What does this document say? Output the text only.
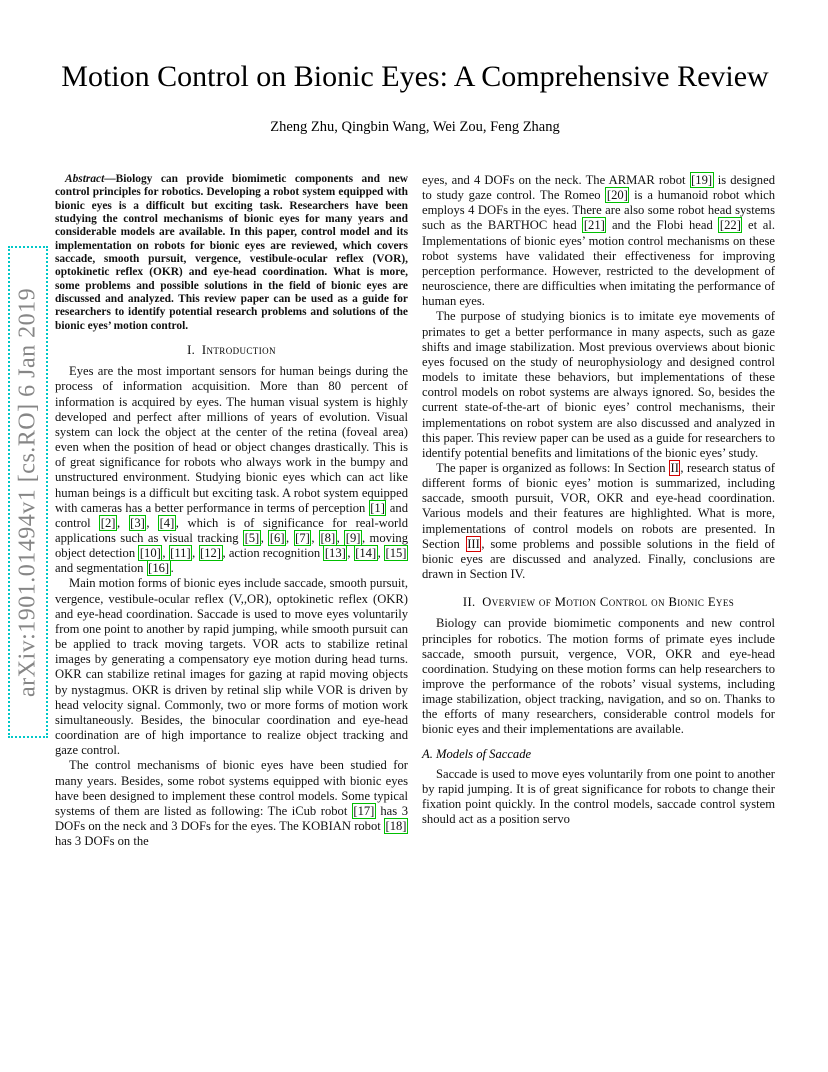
arXiv:1901.01494v1 [cs.RO] 6 Jan 2019
Motion Control on Bionic Eyes: A Comprehensive Review
Zheng Zhu, Qingbin Wang, Wei Zou, Feng Zhang

Abstract—Biology can provide biomimetic components and new control principles for robotics. Developing a robot system equipped with bionic eyes is a difficult but exciting task. Researchers have been studying the control mechanisms of bionic eyes for many years and considerable models are available. In this paper, control model and its implementation on robots for bionic eyes are reviewed, which covers saccade, smooth pursuit, vergence, vestibule-ocular reflex (VOR), optokinetic reflex (OKR) and eye-head coordination. What is more, some problems and possible solutions in the field of bionic eyes are discussed and analyzed. This review paper can be used as a guide for researchers to identify potential research problems and solutions of the bionic eyes’ motion control.

I. Introduction

Eyes are the most important sensors for human beings during the process of information acquisition. More than 80 percent of information is acquired by eyes. The human visual system is highly developed and perfect after millions of years of evolution. Visual system can lock the object at the center of the retina (foveal area) even when the position of head or object changes drastically. This is of great significance for robots who always work in the bumpy and unstructured environment. Studying bionic eyes which can act like human beings is a difficult but exciting task. A robot system equipped with cameras has a better performance in terms of perception [1] and control [2] , [3] , [4] , which is of significance for real-world applications such as visual tracking [5] , [6] , [7] , [8] , [9] , moving object detection [10] , [11] , [12] , action recognition [13] , [14] , [15] and segmentation [16] .

Main motion forms of bionic eyes include saccade, smooth pursuit, vergence, vestibule-ocular reflex (V,,OR), optokinetic reflex (OKR) and eye-head coordination. Saccade is used to move eyes voluntarily from one point to another by rapid jumping, while smooth pursuit can be applied to track moving targets. VOR acts to stabilize retinal images by generating a compensatory eye motion during head turns. OKR can stabilize retinal images for gazing at rapid moving objects by nystagmus. OKR is driven by retinal slip while VOR is driven by head velocity signal. Commonly, two or more forms of motion work simultaneously. Besides, the binocular coordination and eye-head coordination are of high importance to realize object tracking and gaze control.

The control mechanisms of bionic eyes have been studied for many years. Besides, some robot systems equipped with bionic eyes have been designed to implement these control models. Some typical systems of them are listed as following: The iCub robot [17] has 3 DOFs on the neck and 3 DOFs for the eyes. The KOBIAN robot [18] has 3 DOFs on the

eyes, and 4 DOFs on the neck. The ARMAR robot [19] is designed to study gaze control. The Romeo [20] is a humanoid robot which employs 4 DOFs in the eyes. There are also some robot head systems such as the BARTHOC head [21] and the Flobi head [22] et al. Implementations of bionic eyes’ motion control mechanisms on these robot systems have validated their effectiveness for improving perception performance. However, restricted to the development of neuroscience, there are difficulties when imitating the performance of human eyes.

The purpose of studying bionics is to imitate eye movements of primates to get a better performance in many aspects, such as gaze shifts and image stabilization. Most previous overviews about bionic eyes focused on the study of neurophysiology and designed control models to imitate these behaviors, but implementations of these control models on robot systems are always ignored. So, besides the current state-of-the-art of bionic eyes’ control mechanisms, their implementations on robot system are also discussed and analyzed in this paper. This review paper can be used as a guide for researchers to identify potential benefits and limitations of the bionic eyes’ study.

The paper is organized as follows: In Section II , research status of different forms of bionic eyes’ motion is summarized, including saccade, smooth pursuit, VOR, OKR and eye-head coordination. Various models and their features are highlighted. What is more, implementations of control models on robots are presented. In Section III , some problems and possible solutions in the field of bionic eyes are discussed and analyzed. Finally, conclusions are drawn in Section IV.

II. Overview of Motion Control on Bionic Eyes

Biology can provide biomimetic components and new control principles for robotics. The motion forms of primate eyes include saccade, smooth pursuit, vergence, VOR, OKR and eye-head coordination. Studying on these motion forms can help researchers to improve the performance of the robots’ visual systems, including image stabilization, object tracking, navigation, and so on. Thanks to the efforts of many researchers, considerable control models for bionic eyes and their implementations are available.

A. Models of Saccade

Saccade is used to move eyes voluntarily from one point to another by rapid jumping. It is of great significance for robots to change their fixation point quickly. In the control models, saccade control system should act as a position servo
